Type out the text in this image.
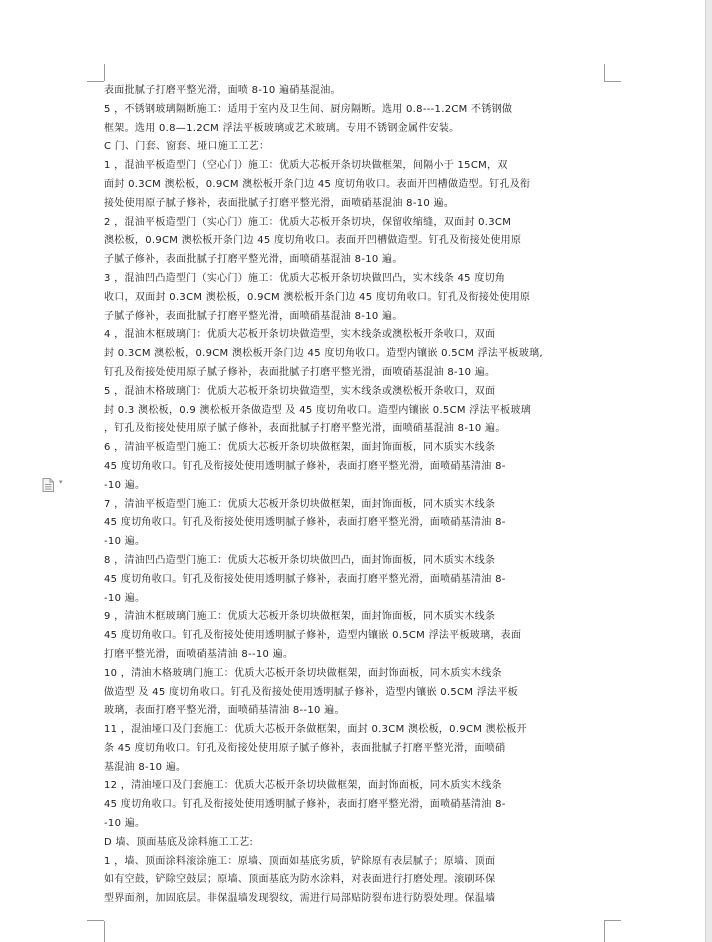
▾
表面批腻子打磨平整光滑，面喷 8-10 遍硝基混油。
5 ，不锈钢玻璃隔断施工：适用于室内及卫生间、厨房隔断。选用 0.8---1.2CM 不锈钢做
框架。选用 0.8—1.2CM 浮法平板玻璃或艺术玻璃。专用不锈钢金属件安装。
C 门、门套、窗套、垭口施工工艺：
1 ，混油平板造型门（空心门）施工：优质大芯板开条切块做框架，间隔小于 15CM，双
面封 0.3CM 澳松板，0.9CM 澳松板开条门边 45 度切角收口。表面开凹槽做造型。钉孔及衔
接处使用原子腻子修补，表面批腻子打磨平整光滑，面喷硝基混油 8-10 遍。
2 ，混油平板造型门（实心门）施工：优质大芯板开条切块，保留收缩缝，双面封 0.3CM
澳松板，0.9CM 澳松板开条门边 45 度切角收口。表面开凹槽做造型。钉孔及衔接处使用原
子腻子修补，表面批腻子打磨平整光滑，面喷硝基混油 8-10 遍。
3 ，混油凹凸造型门（实心门）施工：优质大芯板开条切块做凹凸，实木线条 45 度切角
收口，双面封 0.3CM 澳松板，0.9CM 澳松板开条门边 45 度切角收口。钉孔及衔接处使用原
子腻子修补，表面批腻子打磨平整光滑，面喷硝基混油 8-10 遍。
4 ，混油木框玻璃门：优质大芯板开条切块做造型，实木线条或澳松板开条收口，双面
封 0.3CM 澳松板，0.9CM 澳松板开条门边 45 度切角收口。造型内镶嵌 0.5CM 浮法平板玻璃,
钉孔及衔接处使用原子腻子修补，表面批腻子打磨平整光滑，面喷硝基混油 8-10 遍。
5 ，混油木格玻璃门：优质大芯板开条切块做造型，实木线条或澳松板开条收口，双面
封 0.3 澳松板，0.9 澳松板开条做造型 及 45 度切角收口。造型内镶嵌 0.5CM 浮法平板玻璃
，钉孔及衔接处使用原子腻子修补，表面批腻子打磨平整光滑，面喷硝基混油 8-10 遍。
6 ，清油平板造型门施工：优质大芯板开条切块做框架，面封饰面板，同木质实木线条
45 度切角收口。钉孔及衔接处使用透明腻子修补，表面打磨平整光滑，面喷硝基清油 8-
-10 遍。
7 ，清油平板造型门施工：优质大芯板开条切块做框架，面封饰面板，同木质实木线条
45 度切角收口。钉孔及衔接处使用透明腻子修补，表面打磨平整光滑，面喷硝基清油 8-
-10 遍。
8 ，清油凹凸造型门施工：优质大芯板开条切块做凹凸，面封饰面板，同木质实木线条
45 度切角收口。钉孔及衔接处使用透明腻子修补，表面打磨平整光滑，面喷硝基清油 8-
-10 遍。
9 ，清油木框玻璃门施工：优质大芯板开条切块做框架，面封饰面板，同木质实木线条
45 度切角收口。钉孔及衔接处使用透明腻子修补，造型内镶嵌 0.5CM 浮法平板玻璃，表面
打磨平整光滑，面喷硝基清油 8--10 遍。
10 ，清油木格玻璃门施工：优质大芯板开条切块做框架，面封饰面板，同木质实木线条
做造型 及 45 度切角收口。钉孔及衔接处使用透明腻子修补，造型内镶嵌 0.5CM 浮法平板
玻璃，表面打磨平整光滑，面喷硝基清油 8--10 遍。
11 ，混油垭口及门套施工：优质大芯板开条做框架，面封 0.3CM 澳松板，0.9CM 澳松板开
条 45 度切角收口。钉孔及衔接处使用原子腻子修补，表面批腻子打磨平整光滑，面喷硝
基混油 8-10 遍。
12 ，清油垭口及门套施工：优质大芯板开条切块做框架，面封饰面板，同木质实木线条
45 度切角收口。钉孔及衔接处使用透明腻子修补，表面打磨平整光滑，面喷硝基清油 8-
-10 遍。
D 墙、顶面基底及涂料施工工艺:
1 ，墙、顶面涂料滚涂施工：原墙、顶面如基底劣质，铲除原有表层腻子；原墙、顶面
如有空鼓，铲除空鼓层；原墙、顶面基底为防水涂料，对表面进行打磨处理。滚刷环保
型界面剂，加固底层。非保温墙发现裂纹，需进行局部贴防裂布进行防裂处理。保温墙
